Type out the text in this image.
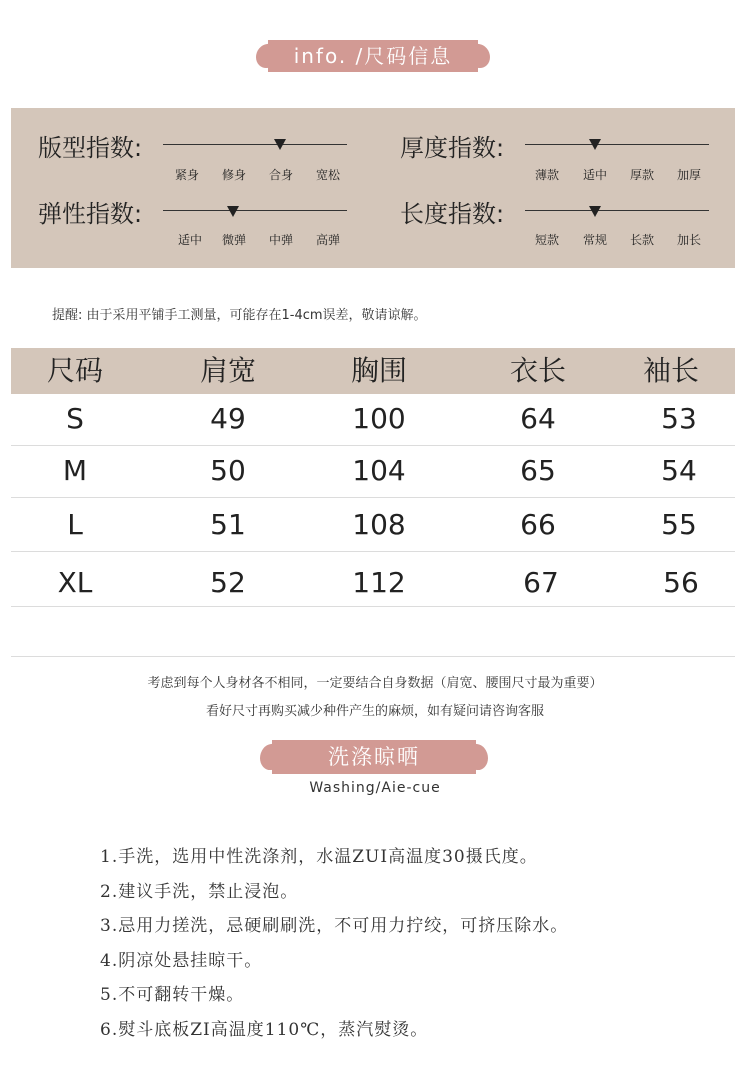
info. /尺码信息
版型指数:
紧身	修身	合身	宽松
厚度指数:
薄款	适中	厚款	加厚
弹性指数:
适中	微弹	中弹	高弹
长度指数:
短款	常规	长款	加长
提醒: 由于采用平铺手工测量，可能存在1-4cm误差，敬请谅解。
尺码	肩宽	胸围	衣长	袖长
S	49	100	64	53
M	50	104	65	54
L	51	108	66	55
XL	52	112	67	56
考虑到每个人身材各不相同，一定要结合自身数据（肩宽、腰围尺寸最为重要）
看好尺寸再购买减少种件产生的麻烦，如有疑问请咨询客服
洗涤晾晒
Washing/Aie-cue
1.手洗，选用中性洗涤剂，水温ZUI高温度30摄氏度。
2.建议手洗，禁止浸泡。
3.忌用力搓洗，忌硬刷刷洗，不可用力拧绞，可挤压除水。
4.阴凉处悬挂晾干。
5.不可翻转干燥。
6.熨斗底板ZI高温度110℃，蒸汽熨烫。
